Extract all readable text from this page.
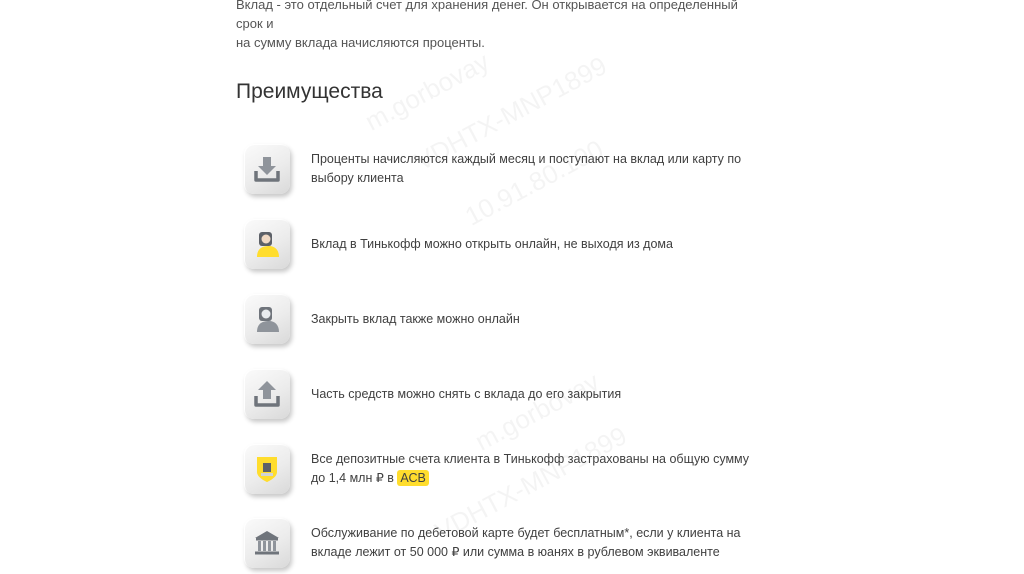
Вклад - это отдельный счет для хранения денег. Он открывается на определенный срок и
на сумму вклада начисляются проценты.
Преимущества
Проценты начисляются каждый месяц и поступают на вклад или карту по выбору клиента
Вклад в Тинькофф можно открыть онлайн, не выходя из дома
Закрыть вклад также можно онлайн
Часть средств можно снять с вклада до его закрытия
Все депозитные счета клиента в Тинькофф застрахованы на общую сумму до 1,4 млн ₽ в АСВ
Обслуживание по дебетовой карте будет бесплатным*, если у клиента на вкладе лежит от 50 000 ₽ или сумма в юанях в рублевом эквиваленте
